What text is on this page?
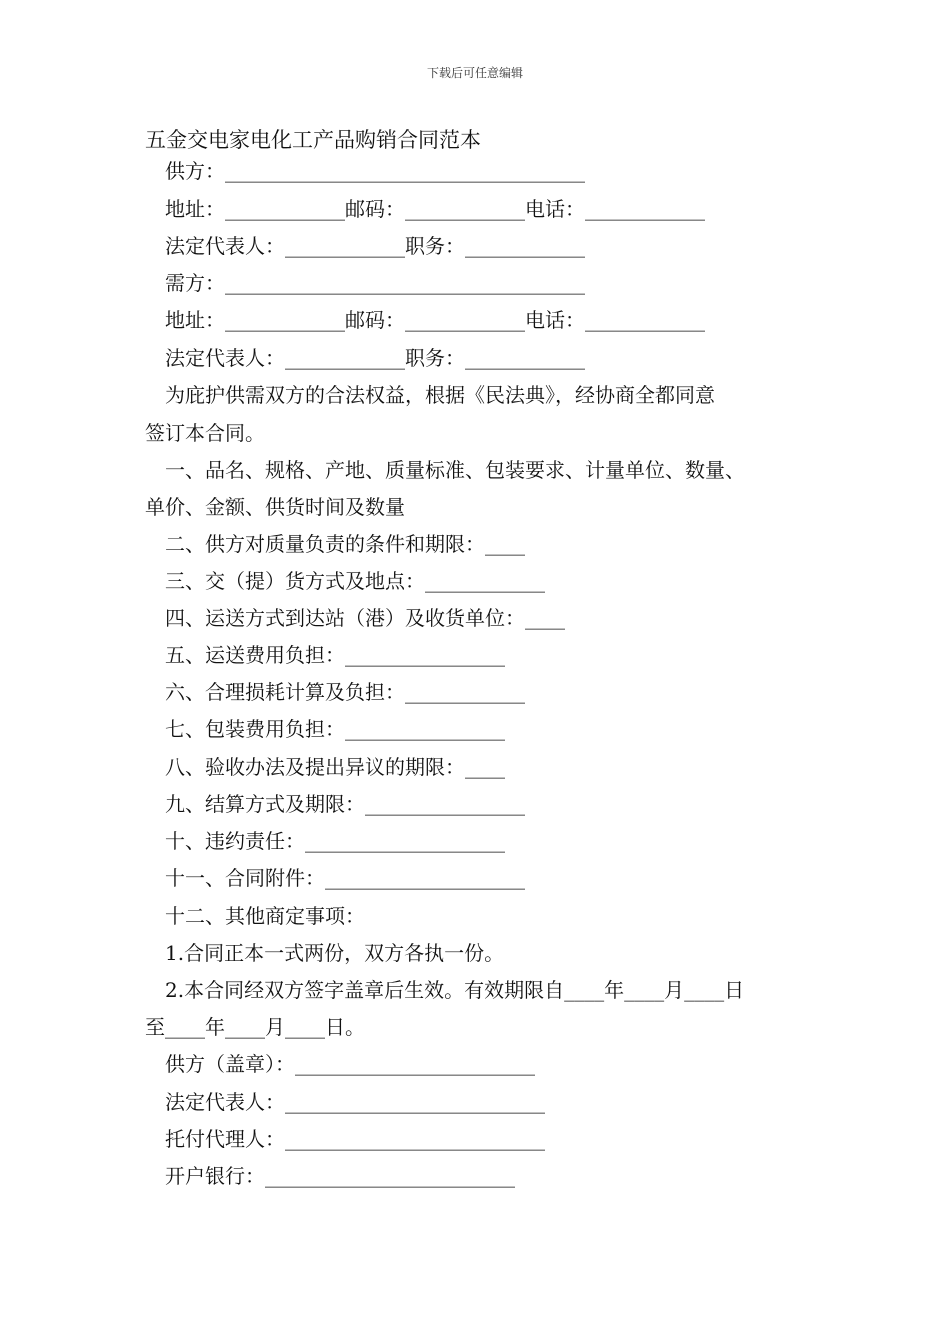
下载后可任意编辑
五金交电家电化工产品购销合同范本
供方：____________________________________
地址：____________邮码：____________电话：____________
法定代表人：____________职务：____________
需方：____________________________________
地址：____________邮码：____________电话：____________
法定代表人：____________职务：____________
为庇护供需双方的合法权益，根据《民法典》，经协商全都同意
签订本合同。
一、品名、规格、产地、质量标准、包装要求、计量单位、数量、
单价、金额、供货时间及数量
二、供方对质量负责的条件和期限：____
三、交（提）货方式及地点：____________
四、运送方式到达站（港）及收货单位：____
五、运送费用负担：________________
六、合理损耗计算及负担：____________
七、包装费用负担：________________
八、验收办法及提出异议的期限：____
九、结算方式及期限：________________
十、违约责任：____________________
十一、合同附件：____________________
十二、其他商定事项：
1.合同正本一式两份，双方各执一份。
2.本合同经双方签字盖章后生效。有效期限自____年____月____日
至____年____月____日。
供方（盖章）：________________________
法定代表人：__________________________
托付代理人：__________________________
开户银行：_________________________
